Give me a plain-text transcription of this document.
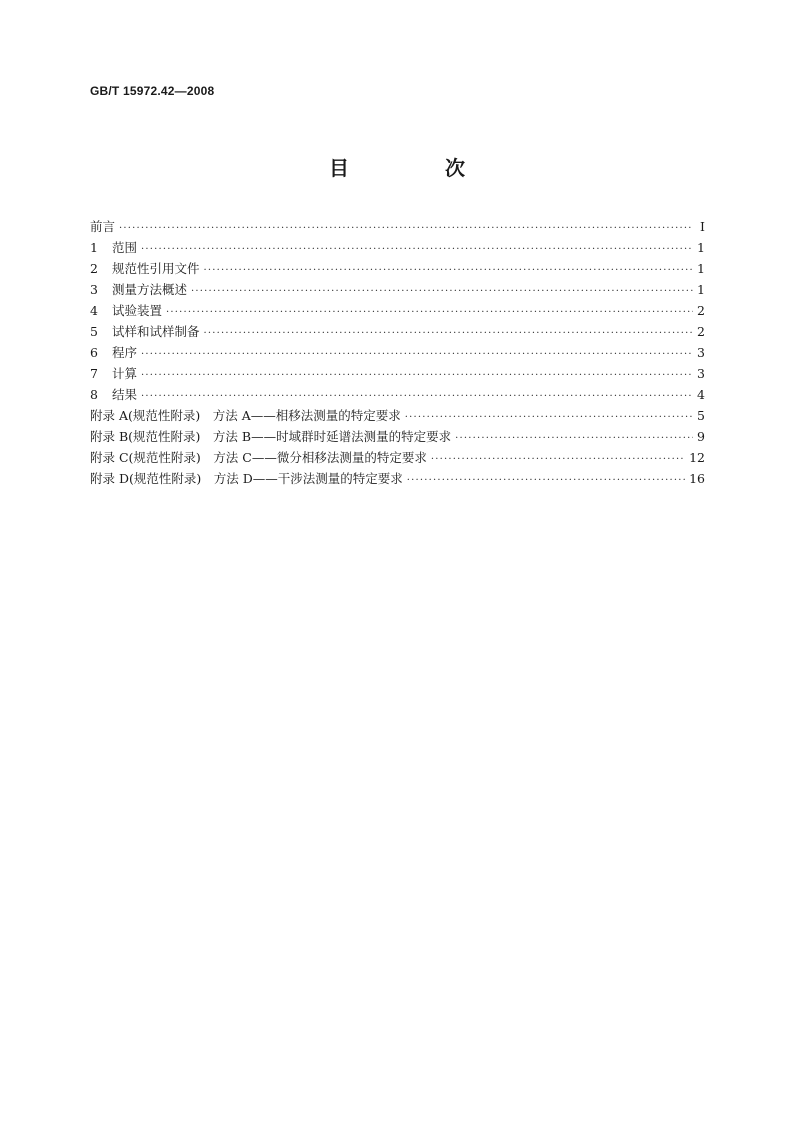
GB/T 15972.42—2008
目　次
前言 ·····	Ⅰ
1 范围 ·····	1
2 规范性引用文件 ·····	1
3 测量方法概述 ·····	1
4 试验装置 ·····	2
5 试样和试样制备 ·····	2
6 程序 ·····	3
7 计算 ·····	3
8 结果 ·····	4
附录 A(规范性附录)　方法 A——相移法测量的特定要求 ·····	5
附录 B(规范性附录)　方法 B——时域群时延谱法测量的特定要求 ·····	9
附录 C(规范性附录)　方法 C——微分相移法测量的特定要求 ·····	12
附录 D(规范性附录)　方法 D——干涉法测量的特定要求 ·····	16
